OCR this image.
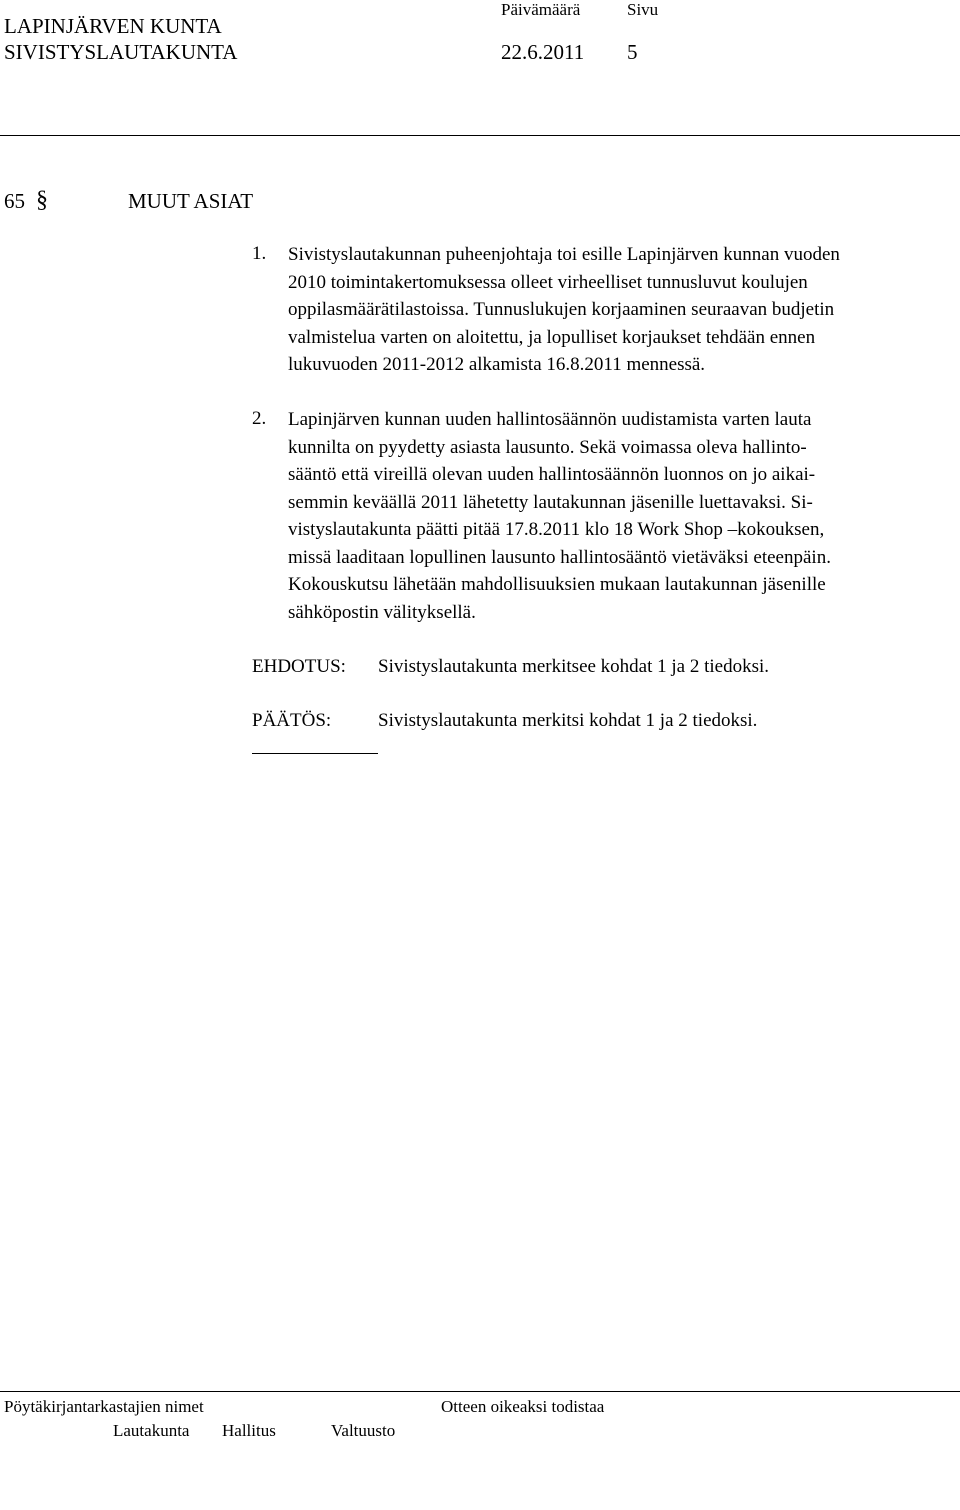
LAPINJÄRVEN KUNTA
SIVISTYSLAUTAKUNTA
Päivämäärä	Sivu
22.6.2011 5
65 §	MUUT ASIAT
1. Sivistyslautakunnan puheenjohtaja toi esille Lapinjärven kunnan vuoden
2010 toimintakertomuksessa olleet virheelliset tunnusluvut koulujen
oppilasmäärätilastoissa. Tunnuslukujen korjaaminen seuraavan budjetin
valmistelua varten on aloitettu, ja lopulliset korjaukset tehdään ennen
lukuvuoden 2011-2012 alkamista 16.8.2011 mennessä.
2. Lapinjärven kunnan uuden hallintosäännön uudistamista varten lauta
kunnilta on pyydetty asiasta lausunto. Sekä voimassa oleva hallinto-
sääntö että vireillä olevan uuden hallintosäännön luonnos on jo aikai-
semmin keväällä 2011 lähetetty lautakunnan jäsenille luettavaksi. Si-
vistyslautakunta päätti pitää 17.8.2011 klo 18 Work Shop –kokouksen,
missä laaditaan lopullinen lausunto hallintosääntö vietäväksi eteenpäin.
Kokouskutsu lähetään mahdollisuuksien mukaan lautakunnan jäsenille
sähköpostin välityksellä.
EHDOTUS: Sivistyslautakunta merkitsee kohdat 1 ja 2 tiedoksi.
PÄÄTÖS: Sivistyslautakunta merkitsi kohdat 1 ja 2 tiedoksi.
Pöytäkirjantarkastajien nimet	Otteen oikeaksi todistaa
Lautakunta Hallitus	Valtuusto
